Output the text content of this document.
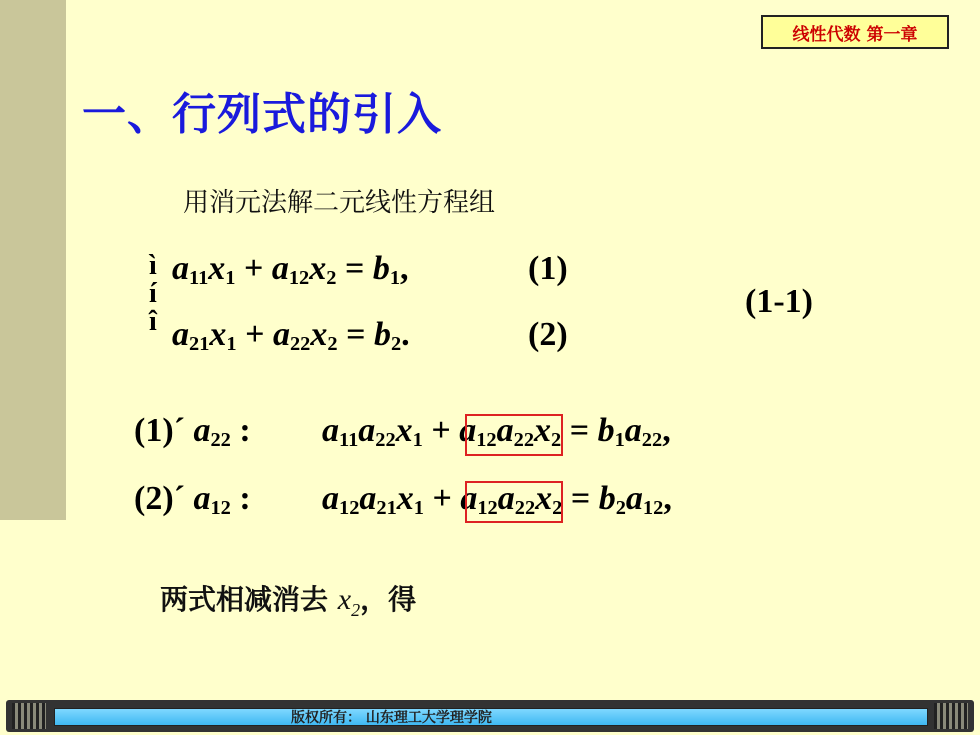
线性代数 第一章
一、行列式的引入
用消元法解二元线性方程组
ì
í
î
$a_{11}x_1 + a_{12}x_2 = b_1$,	(1)
$a_{21}x_1 + a_{22}x_2 = b_2$.	(2)
(1-1)
(1)´ $a_{22}$ : $a_{11}a_{22}x_1 + a_{12}a_{22}x_2 = b_1a_{22}$,
(2)´ $a_{12}$ : $a_{12}a_{21}x_1 + a_{12}a_{22}x_2 = b_2a_{12}$,
两式相减消去 $x_2$，得
版权所有： 山东理工大学理学院
